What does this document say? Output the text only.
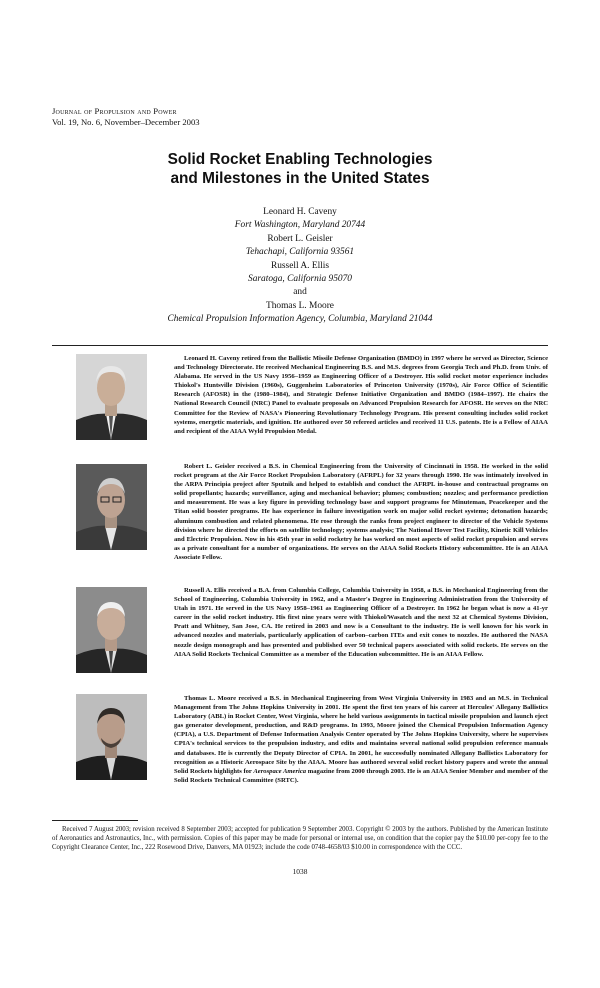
Journal of Propulsion and Power
Vol. 19, No. 6, November–December 2003
Solid Rocket Enabling Technologies
and Milestones in the United States
Leonard H. Caveny
Fort Washington, Maryland 20744
Robert L. Geisler
Tehachapi, California 93561
Russell A. Ellis
Saratoga, California 95070
and
Thomas L. Moore
Chemical Propulsion Information Agency, Columbia, Maryland 21044

Leonard H. Caveny retired from the Ballistic Missile Defense Organization (BMDO) in 1997 where he served as Director, Science and Technology Directorate. He received Mechanical Engineering B.S. and M.S. degrees from Georgia Tech and Ph.D. from Univ. of Alabama. He served in the US Navy 1956–1959 as Engineering Officer of a Destroyer. His solid rocket motor experience includes Thiokol's Huntsville Division (1960s), Guggenheim Laboratories of Princeton University (1970s), Air Force Office of Scientific Research (AFOSR) in the (1980–1984), and Strategic Defense Initiative Organization and BMDO (1984–1997). He chairs the National Research Council (NRC) Panel to evaluate proposals on Advanced Propulsion Research for AFOSR. He serves on the NRC Committee for the Review of NASA's Pioneering Revolutionary Technology Program. His present consulting includes solid rocket systems, energetic materials, and ignition. He authored over 50 refereed articles and received 11 U.S. patents. He is a Fellow of AIAA and recipient of the AIAA Wyld Propulsion Medal.

Robert L. Geisler received a B.S. in Chemical Engineering from the University of Cincinnati in 1958. He worked in the solid rocket program at the Air Force Rocket Propulsion Laboratory (AFRPL) for 32 years through 1990. He was intimately involved in the ARPA Principia project after Sputnik and helped to establish and conduct the AFRPL in-house and contractual programs on solid propellants; hazards; surveillance, aging and mechanical behavior; plumes; combustion; nozzles; and performance prediction and measurement. He was a key figure in providing technology base and support programs for Minuteman, Peacekeeper and the Titan solid booster programs. He has experience in failure investigation work on major solid rocket systems; detonation hazards; aluminum combustion and related phenomena. He rose through the ranks from project engineer to director of the Vehicle Systems division where he directed the efforts on satellite technology; systems analysis; The National Hover Test Facility, Kinetic Kill Vehicles and Electric Propulsion. Now in his 45th year in solid rocketry he has worked on most aspects of solid rocket propulsion and serves as a private consultant for a number of organizations. He serves on the AIAA Solid Rockets History subcommittee. He is an AIAA Associate Fellow.

Russell A. Ellis received a B.A. from Columbia College, Columbia University in 1958, a B.S. in Mechanical Engineering from the School of Engineering, Columbia University in 1962, and a Master's Degree in Engineering Administration from the University of Utah in 1971. He served in the US Navy 1958–1961 as Engineering Officer of a Destroyer. In 1962 he began what is now a 41-yr career in the solid rocket industry. His first nine years were with Thiokol/Wasatch and the next 32 at Chemical Systems Division, Pratt and Whitney, San Jose, CA. He retired in 2003 and now is a Consultant to the industry. He is well known for his work in advanced nozzles and materials, particularly application of carbon–carbon ITEs and exit cones to nozzles. He authored the NASA nozzle design monograph and has presented and published over 50 technical papers associated with solid rockets. He serves on the AIAA Solid Rockets Technical Committee as a member of the Education subcommittee. He is an AIAA Fellow.

Thomas L. Moore received a B.S. in Mechanical Engineering from West Virginia University in 1983 and an M.S. in Technical Management from The Johns Hopkins University in 2001. He spent the first ten years of his career at Hercules' Allegany Ballistics Laboratory (ABL) in Rocket Center, West Virginia, where he held various assignments in tactical missile propulsion and launch eject gas generator development, production, and R&D programs. In 1993, Moore joined the Chemical Propulsion Information Agency (CPIA), a U.S. Department of Defense Information Analysis Center operated by The Johns Hopkins University, where he supervises CPIA's technical services to the propulsion industry, and edits and maintains several national solid propulsion reference manuals and databases. He is currently the Deputy Director of CPIA. In 2001, he successfully nominated Allegany Ballistics Laboratory for recognition as a Historic Aerospace Site by the AIAA. Moore has authored several solid rocket history papers and wrote the annual Solid Rockets highlights for Aerospace America magazine from 2000 through 2003. He is an AIAA Senior Member and member of the Solid Rockets Technical Committee (SRTC).

Received 7 August 2003; revision received 8 September 2003; accepted for publication 9 September 2003. Copyright © 2003 by the authors. Published by the American Institute of Aeronautics and Astronautics, Inc., with permission. Copies of this paper may be made for personal or internal use, on condition that the copier pay the $10.00 per-copy fee to the Copyright Clearance Center, Inc., 222 Rosewood Drive, Danvers, MA 01923; include the code 0748-4658/03 $10.00 in correspondence with the CCC.

1038
